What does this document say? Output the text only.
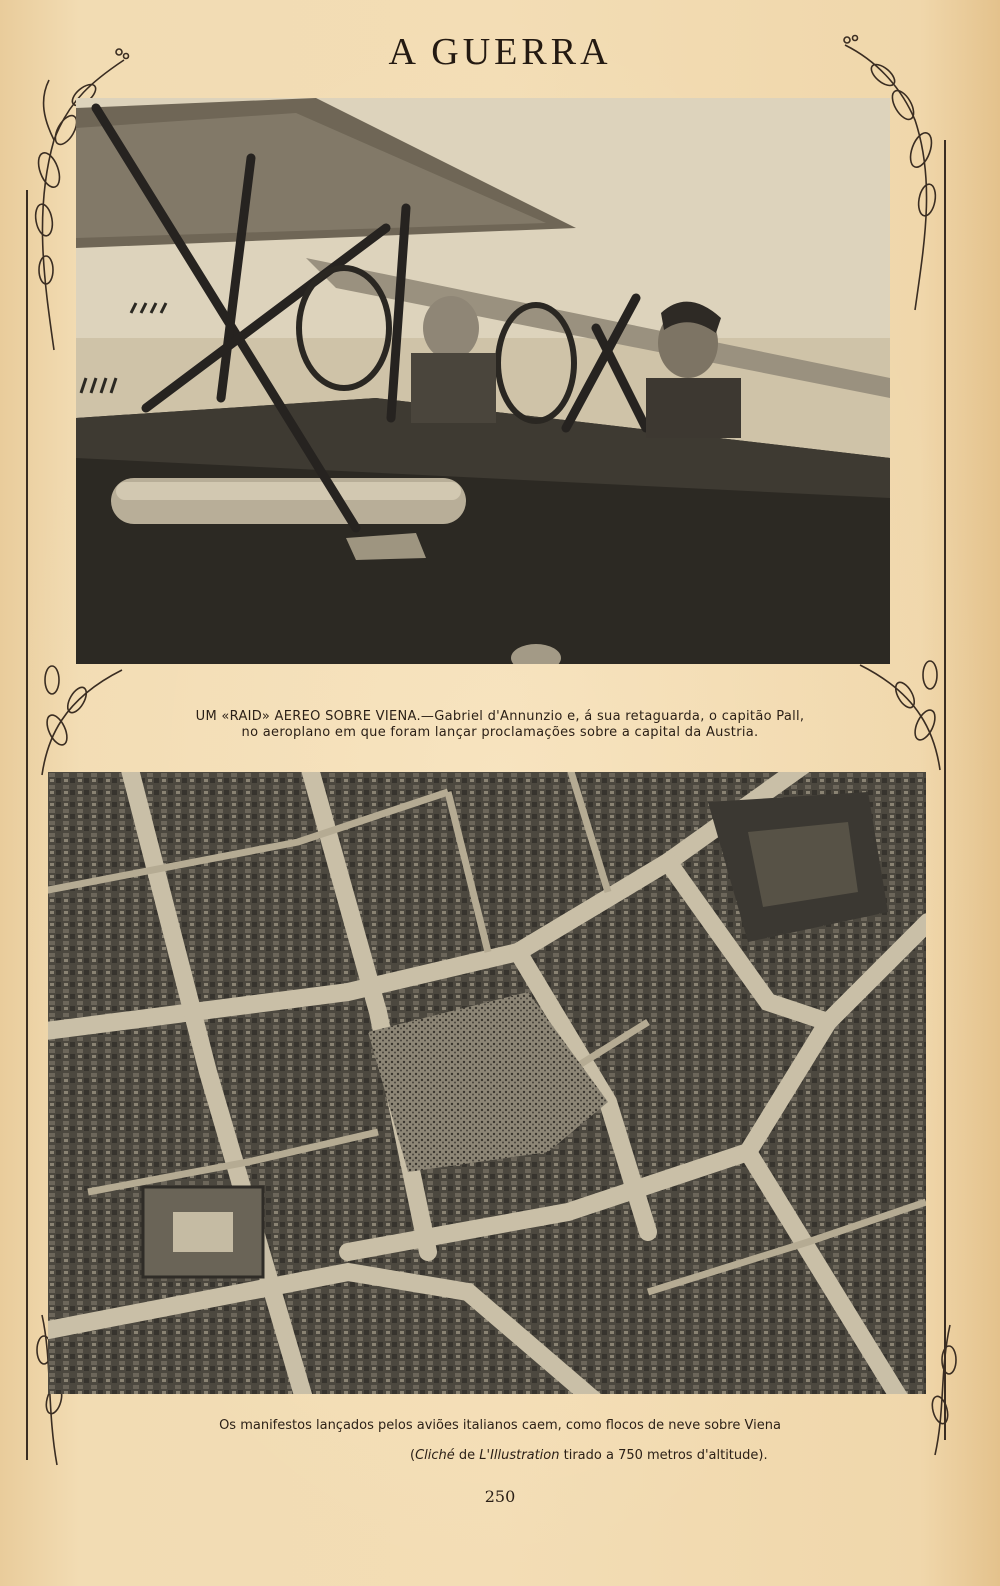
A GUERRA

UM «RAID» AEREO SOBRE VIENA.—Gabriel d'Annunzio e, á sua retaguarda, o capitão Pall,
no aeroplano em que foram lançar proclamações sobre a capital da Austria.

Os manifestos lançados pelos aviões italianos caem, como flocos de neve sobre Viena

(Cliché de L'Illustration tirado a 750 metros d'altitude).

250
